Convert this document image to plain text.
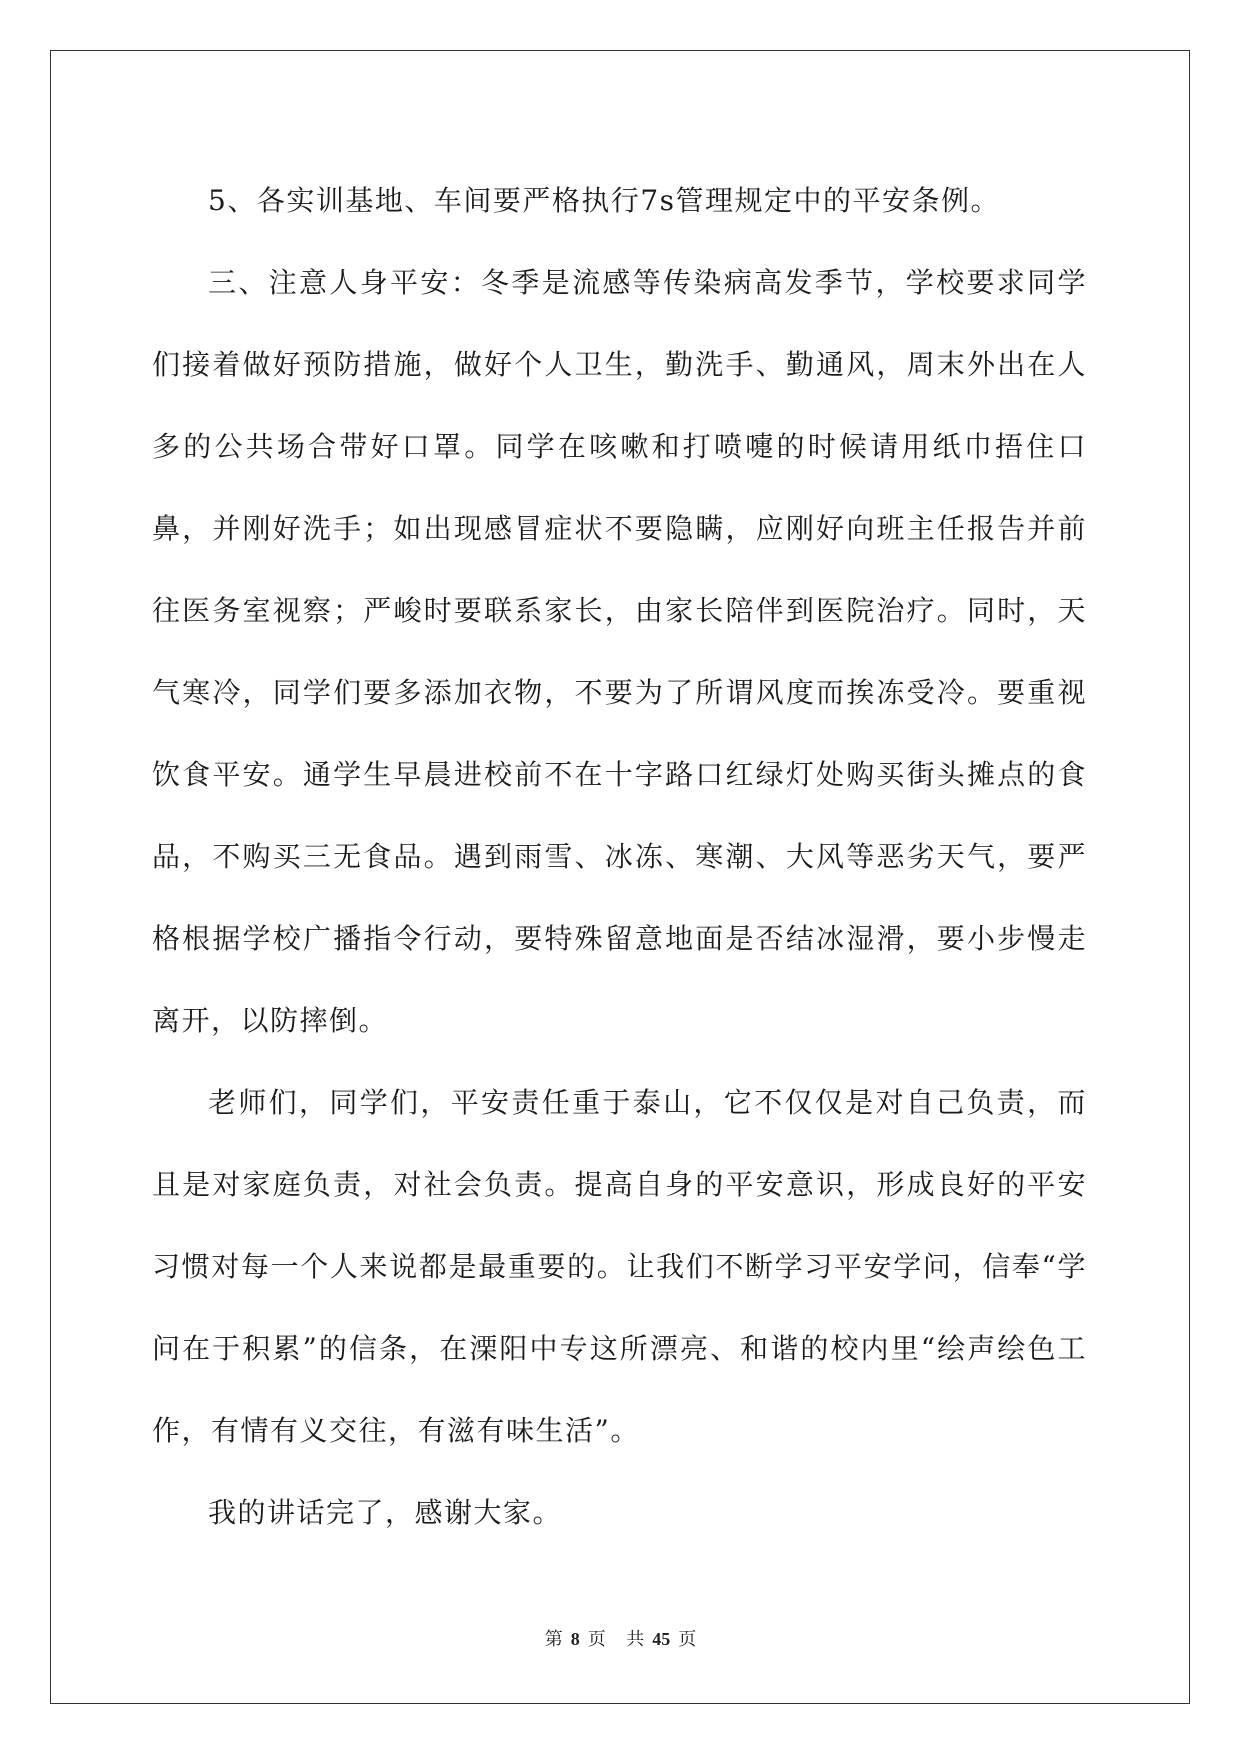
5、各实训基地、车间要严格执行7s管理规定中的平安条例。

三、注意人身平安：冬季是流感等传染病高发季节，学校要求同学们接着做好预防措施，做好个人卫生，勤洗手、勤通风，周末外出在人多的公共场合带好口罩。同学在咳嗽和打喷嚏的时候请用纸巾捂住口鼻，并刚好洗手；如出现感冒症状不要隐瞒，应刚好向班主任报告并前往医务室视察；严峻时要联系家长，由家长陪伴到医院治疗。同时，天气寒冷，同学们要多添加衣物，不要为了所谓风度而挨冻受冷。要重视饮食平安。通学生早晨进校前不在十字路口红绿灯处购买街头摊点的食品，不购买三无食品。遇到雨雪、冰冻、寒潮、大风等恶劣天气，要严格根据学校广播指令行动，要特殊留意地面是否结冰湿滑，要小步慢走离开，以防摔倒。

老师们，同学们，平安责任重于泰山，它不仅仅是对自己负责，而且是对家庭负责，对社会负责。提高自身的平安意识，形成良好的平安习惯对每一个人来说都是最重要的。让我们不断学习平安学问，信奉“学问在于积累”的信条，在溧阳中专这所漂亮、和谐的校内里“绘声绘色工作，有情有义交往，有滋有味生活”。

我的讲话完了，感谢大家。

第 8 页 共 45 页
